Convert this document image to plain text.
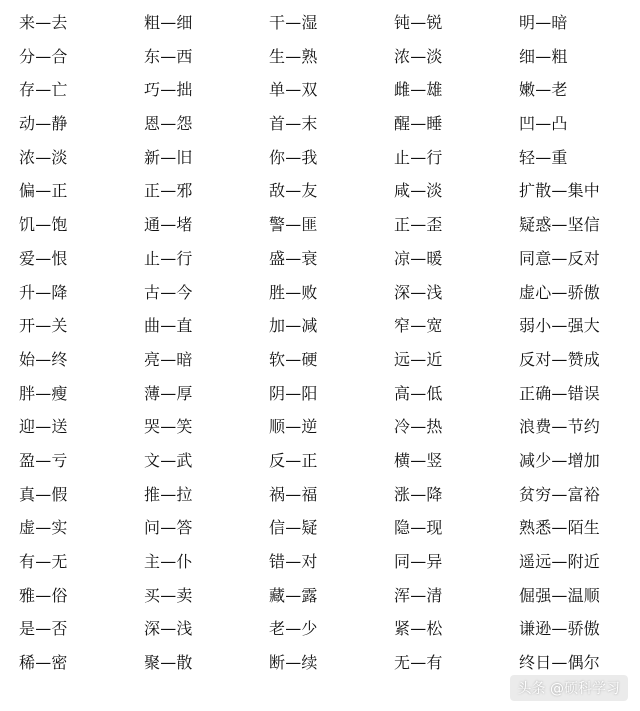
来—去	粗—细	干—湿	钝—锐	明—暗
分—合	东—西	生—熟	浓—淡	细—粗
存—亡	巧—拙	单—双	雌—雄	嫩—老
动—静	恩—怨	首—末	醒—睡	凹—凸
浓—淡	新—旧	你—我	止—行	轻—重
偏—正	正—邪	敌—友	咸—淡	扩散—集中
饥—饱	通—堵	警—匪	正—歪	疑惑—坚信
爱—恨	止—行	盛—衰	凉—暖	同意—反对
升—降	古—今	胜—败	深—浅	虚心—骄傲
开—关	曲—直	加—减	窄—宽	弱小—强大
始—终	亮—暗	软—硬	远—近	反对—赞成
胖—瘦	薄—厚	阴—阳	高—低	正确—错误
迎—送	哭—笑	顺—逆	冷—热	浪费—节约
盈—亏	文—武	反—正	横—竖	减少—增加
真—假	推—拉	祸—福	涨—降	贫穷—富裕
虚—实	问—答	信—疑	隐—现	熟悉—陌生
有—无	主—仆	错—对	同—异	遥远—附近
雅—俗	买—卖	藏—露	浑—清	倔强—温顺
是—否	深—浅	老—少	紧—松	谦逊—骄傲
稀—密	聚—散	断—续	无—有	终日—偶尔
头条 @硕科学习
